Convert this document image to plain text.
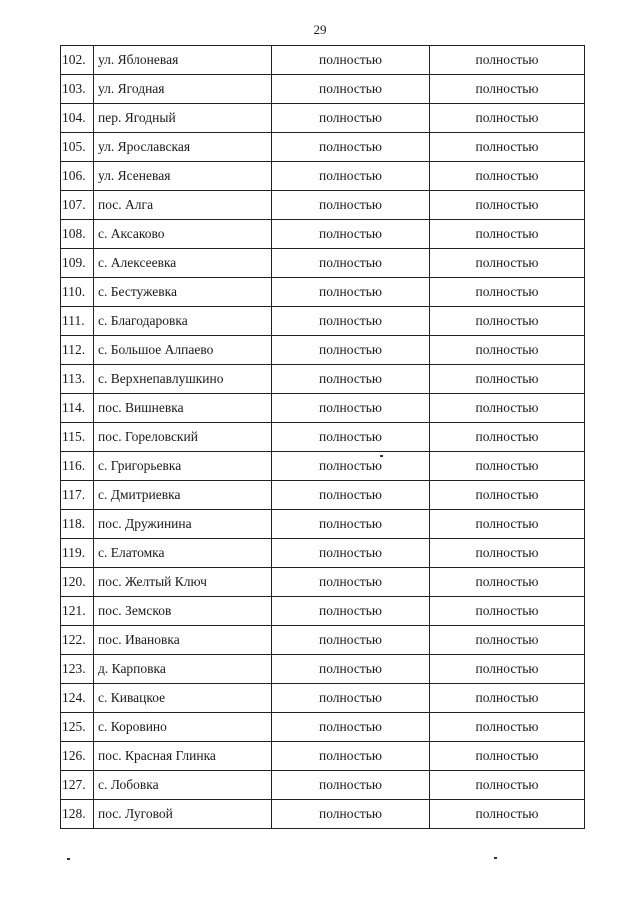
29
102.	ул. Яблоневая	полностью	полностью
103.	ул. Ягодная	полностью	полностью
104.	пер. Ягодный	полностью	полностью
105.	ул. Ярославская	полностью	полностью
106.	ул. Ясеневая	полностью	полностью
107.	пос. Алга	полностью	полностью
108.	с. Аксаково	полностью	полностью
109.	с. Алексеевка	полностью	полностью
110.	с. Бестужевка	полностью	полностью
111.	с. Благодаровка	полностью	полностью
112.	с. Большое Алпаево	полностью	полностью
113.	с. Верхнепавлушкино	полностью	полностью
114.	пос. Вишневка	полностью	полностью
115.	пос. Гореловский	полностью	полностью
116.	с. Григорьевка	полностью	полностью
117.	с. Дмитриевка	полностью	полностью
118.	пос. Дружинина	полностью	полностью
119.	с. Елатомка	полностью	полностью
120.	пос. Желтый Ключ	полностью	полностью
121.	пос. Земсков	полностью	полностью
122.	пос. Ивановка	полностью	полностью
123.	д. Карповка	полностью	полностью
124.	с. Кивацкое	полностью	полностью
125.	с. Коровино	полностью	полностью
126.	пос. Красная Глинка	полностью	полностью
127.	с. Лобовка	полностью	полностью
128.	пос. Луговой	полностью	полностью
